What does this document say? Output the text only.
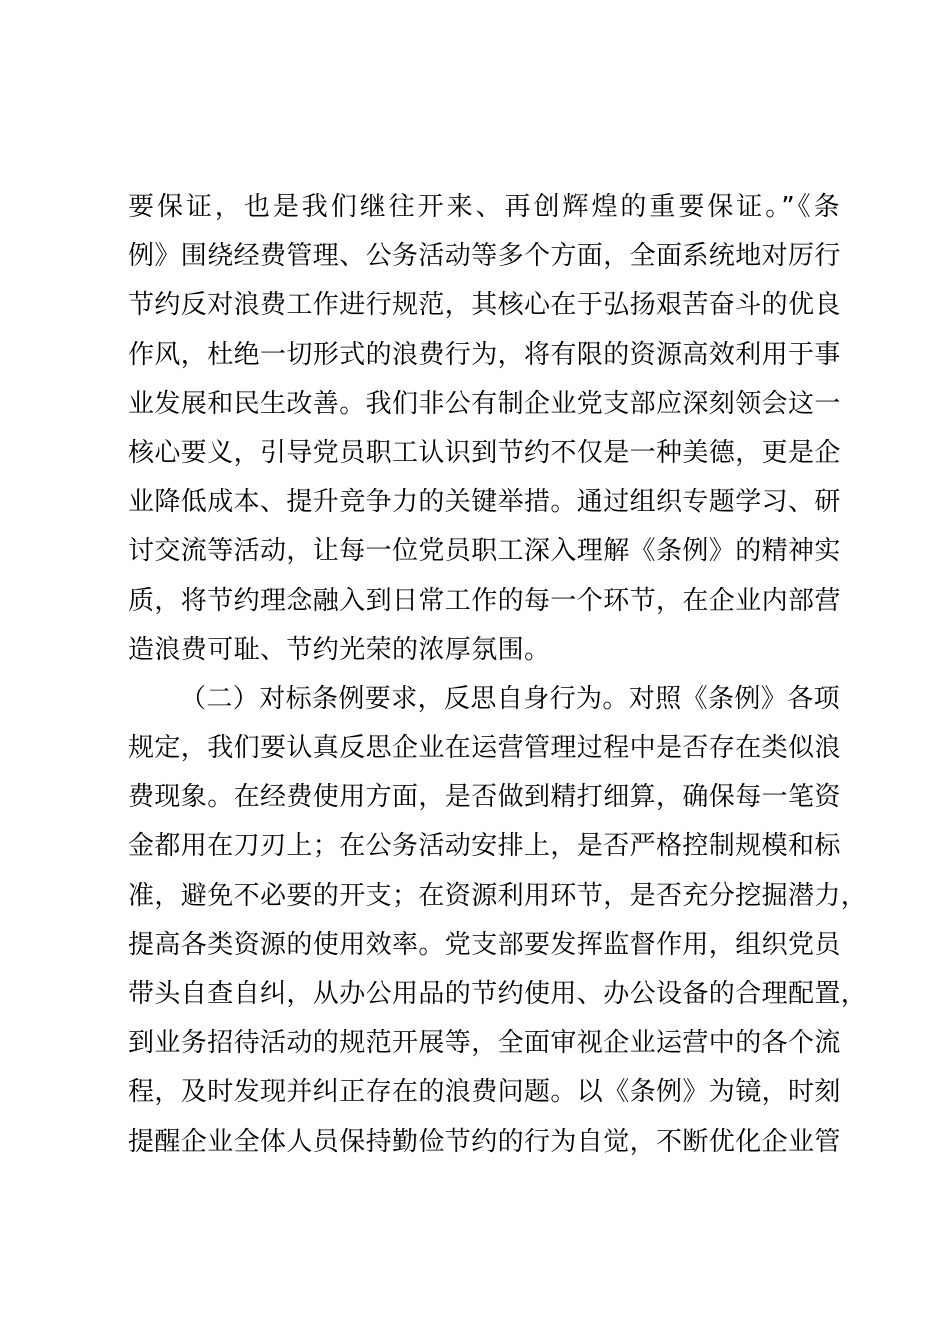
要保证，也是我们继往开来、再创辉煌的重要保证。”《条
例》围绕经费管理、公务活动等多个方面，全面系统地对厉行
节约反对浪费工作进行规范，其核心在于弘扬艰苦奋斗的优良
作风，杜绝一切形式的浪费行为，将有限的资源高效利用于事
业发展和民生改善。我们非公有制企业党支部应深刻领会这一
核心要义，引导党员职工认识到节约不仅是一种美德，更是企
业降低成本、提升竞争力的关键举措。通过组织专题学习、研
讨交流等活动，让每一位党员职工深入理解《条例》的精神实
质，将节约理念融入到日常工作的每一个环节，在企业内部营
造浪费可耻、节约光荣的浓厚氛围。
（二）对标条例要求，反思自身行为。对照《条例》各项
规定，我们要认真反思企业在运营管理过程中是否存在类似浪
费现象。在经费使用方面，是否做到精打细算，确保每一笔资
金都用在刀刃上；在公务活动安排上，是否严格控制规模和标
准，避免不必要的开支；在资源利用环节，是否充分挖掘潜力，
提高各类资源的使用效率。党支部要发挥监督作用，组织党员
带头自查自纠，从办公用品的节约使用、办公设备的合理配置，
到业务招待活动的规范开展等，全面审视企业运营中的各个流
程，及时发现并纠正存在的浪费问题。以《条例》为镜，时刻
提醒企业全体人员保持勤俭节约的行为自觉，不断优化企业管
